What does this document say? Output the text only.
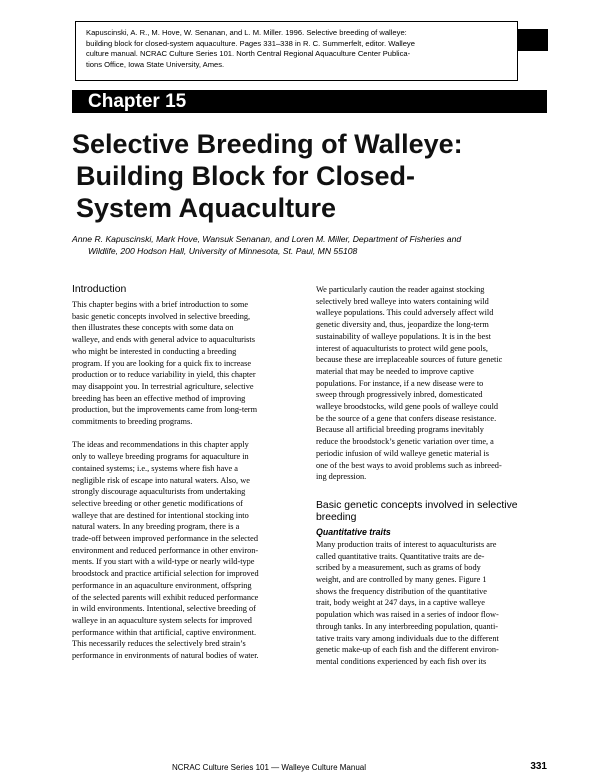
Kapuscinski, A. R., M. Hove, W. Senanan, and L. M. Miller. 1996. Selective breeding of walleye:
building block for closed-system aquaculture. Pages 331–338 in R. C. Summerfelt, editor. Walleye
culture manual. NCRAC Culture Series 101. North Central Regional Aquaculture Center Publica-
tions Office, Iowa State University, Ames.
Chapter 15
Selective Breeding of Walleye:
Building Block for Closed-
System Aquaculture
Anne R. Kapuscinski, Mark Hove, Wansuk Senanan, and Loren M. Miller, Department of Fisheries and
Wildlife, 200 Hodson Hall, University of Minnesota, St. Paul, MN 55108
Introduction

This chapter begins with a brief introduction to some
basic genetic concepts involved in selective breeding,
then illustrates these concepts with some data on
walleye, and ends with general advice to aquaculturists
who might be interested in conducting a breeding
program. If you are looking for a quick fix to increase
production or to reduce variability in yield, this chapter
may disappoint you. In terrestrial agriculture, selective
breeding has been an effective method of improving
production, but the improvements came from long-term
commitments to breeding programs.

The ideas and recommendations in this chapter apply
only to walleye breeding programs for aquaculture in
contained systems; i.e., systems where fish have a
negligible risk of escape into natural waters. Also, we
strongly discourage aquaculturists from undertaking
selective breeding or other genetic modifications of
walleye that are destined for intentional stocking into
natural waters. In any breeding program, there is a
trade-off between improved performance in the selected
environment and reduced performance in other environ-
ments. If you start with a wild-type or nearly wild-type
broodstock and practice artificial selection for improved
performance in an aquaculture environment, offspring
of the selected parents will exhibit reduced performance
in wild environments. Intentional, selective breeding of
walleye in an aquaculture system selects for improved
performance within that artificial, captive environment.
This necessarily reduces the selectively bred strain’s
performance in environments of natural bodies of water.

We particularly caution the reader against stocking
selectively bred walleye into waters containing wild
walleye populations. This could adversely affect wild
genetic diversity and, thus, jeopardize the long-term
sustainability of walleye populations. It is in the best
interest of aquaculturists to protect wild gene pools,
because these are irreplaceable sources of future genetic
material that may be needed to improve captive
populations. For instance, if a new disease were to
sweep through progressively inbred, domesticated
walleye broodstocks, wild gene pools of walleye could
be the source of a gene that confers disease resistance.
Because all artificial breeding programs inevitably
reduce the broodstock’s genetic variation over time, a
periodic infusion of wild walleye genetic material is
one of the best ways to avoid problems such as inbreed-
ing depression.

Basic genetic concepts involved in selective
breeding
Quantitative traits

Many production traits of interest to aquaculturists are
called quantitative traits. Quantitative traits are de-
scribed by a measurement, such as grams of body
weight, and are controlled by many genes. Figure 1
shows the frequency distribution of the quantitative
trait, body weight at 247 days, in a captive walleye
population which was raised in a series of indoor flow-
through tanks. In any interbreeding population, quanti-
tative traits vary among individuals due to the different
genetic make-up of each fish and the different environ-
mental conditions experienced by each fish over its

NCRAC Culture Series 101 — Walleye Culture Manual	331
